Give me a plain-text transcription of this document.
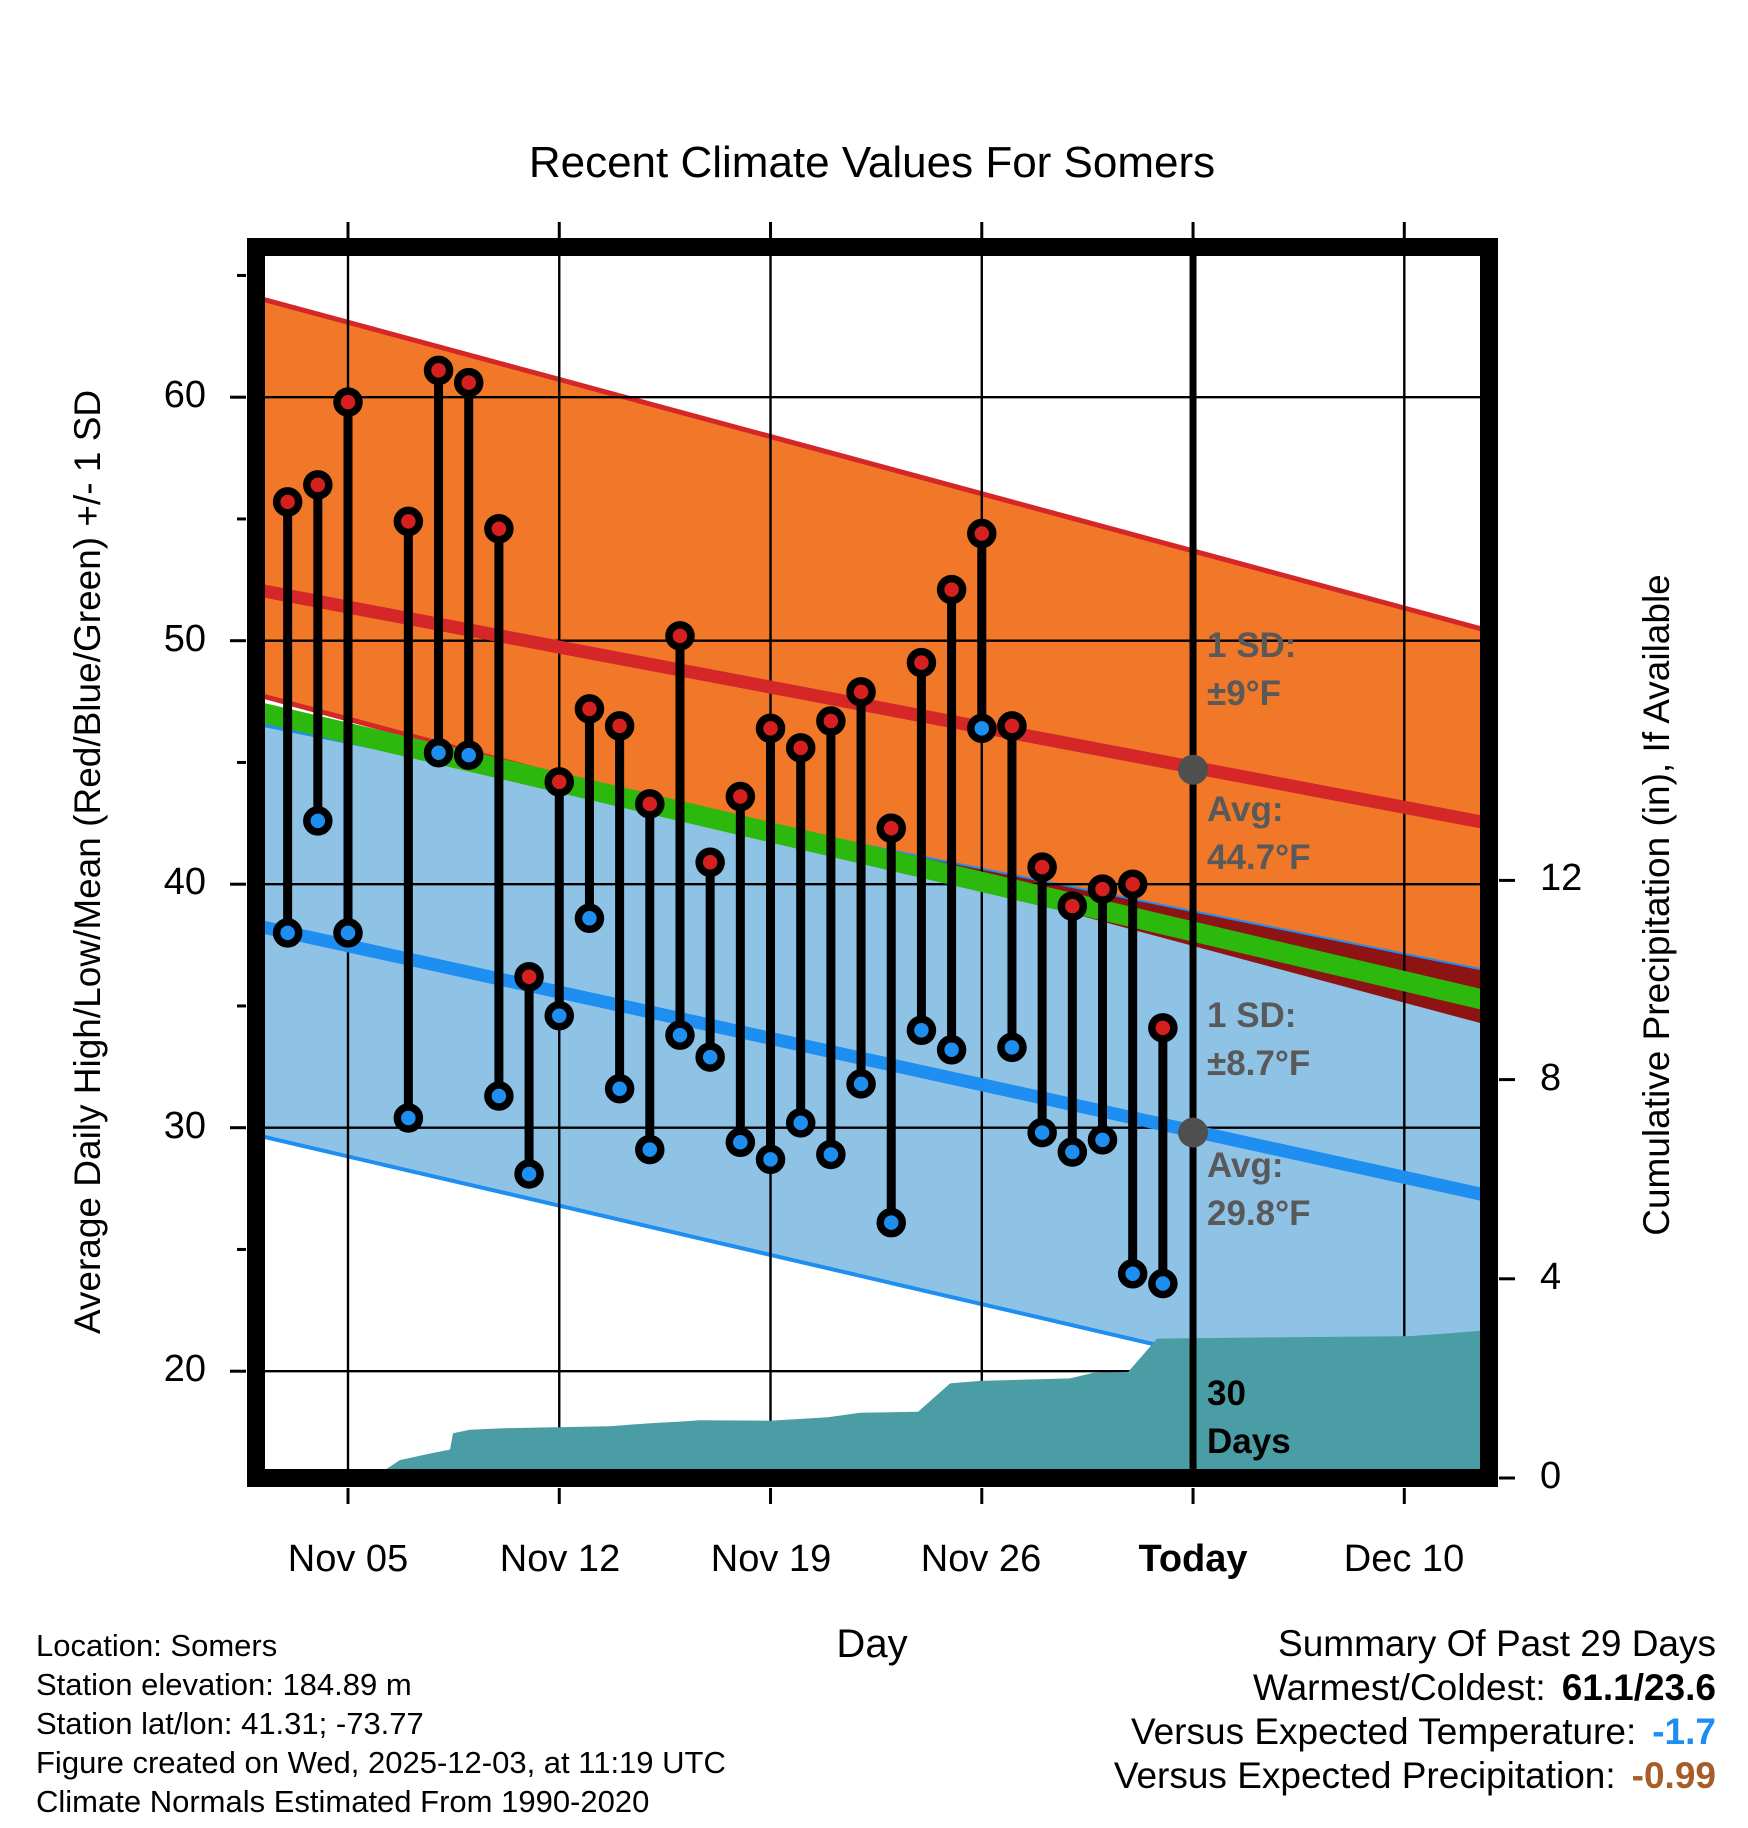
Recent Climate Values For Somers
Average Daily High/Low/Mean (Red/Blue/Green) +/- 1 SD	Cumulative Precipitation (in), If Available
60
50
40
30
20
12
8
4
0
Nov 05 Nov 12 Nov 19 Nov 26	Today	Dec 10
Day
1 SD:
±9°F
Avg:
44.7°F
1 SD:
±8.7°F
Avg:
29.8°F
30
Days
Location: Somers
Station elevation: 184.89 m
Station lat/lon: 41.31; -73.77
Figure created on Wed, 2025-12-03, at 11:19 UTC
Climate Normals Estimated From 1990-2020
Summary Of Past 29 Days
Warmest/Coldest: 61.1/23.6
Versus Expected Temperature: -1.7
Versus Expected Precipitation: -0.99
